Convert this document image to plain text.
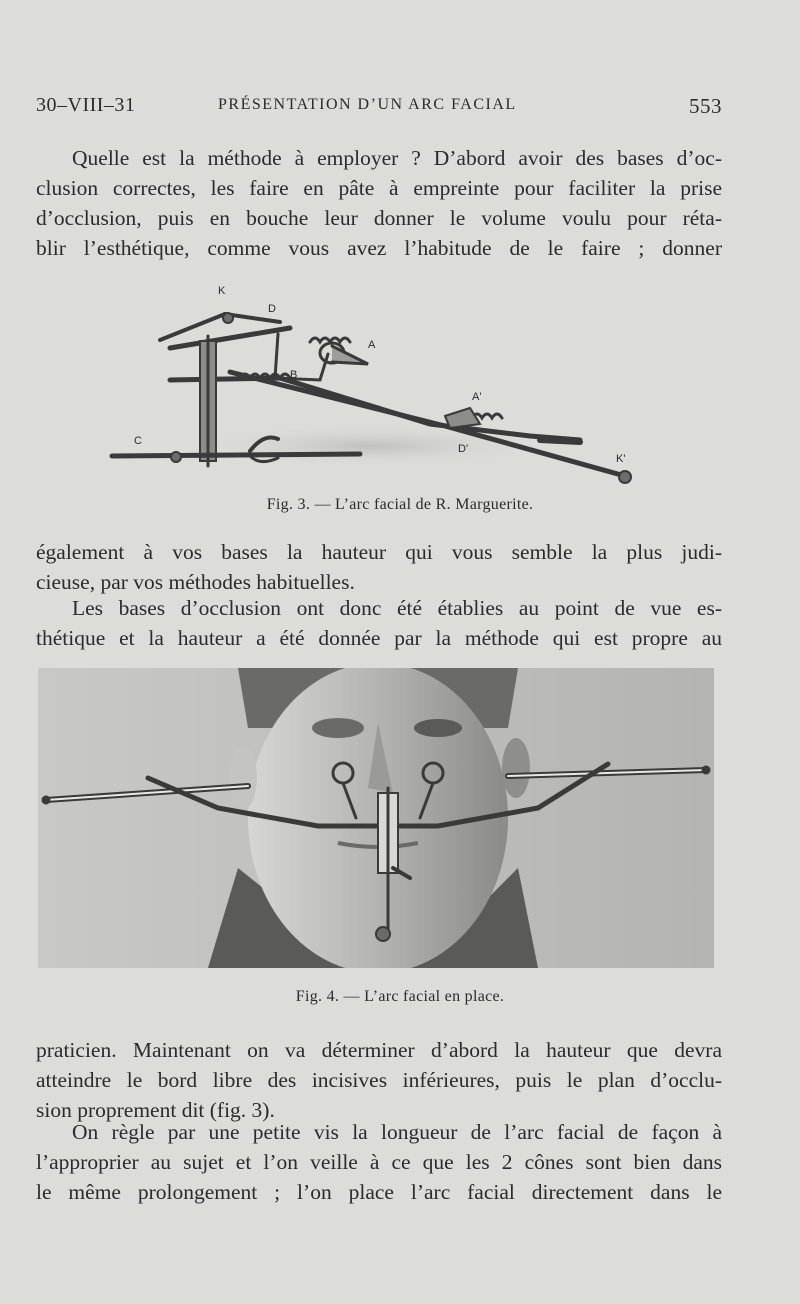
30–VIII–31	PRÉSENTATION D’UN ARC FACIAL	553
Quelle est la méthode à employer ? D’abord avoir des bases d’oc-
clusion correctes, les faire en pâte à empreinte pour faciliter la prise
d’occlusion, puis en bouche leur donner le volume voulu pour réta-
blir l’esthétique, comme vous avez l’habitude de le faire ; donner
K
D
A
B
A'
C
D'
K'
Fig. 3. — L’arc facial de R. Marguerite.
également à vos bases la hauteur qui vous semble la plus judi-
cieuse, par vos méthodes habituelles.
Les bases d’occlusion ont donc été établies au point de vue es-
thétique et la hauteur a été donnée par la méthode qui est propre au
Fig. 4. — L’arc facial en place.
praticien. Maintenant on va déterminer d’abord la hauteur que devra
atteindre le bord libre des incisives inférieures, puis le plan d’occlu-
sion proprement dit (fig. 3).
On règle par une petite vis la longueur de l’arc facial de façon à
l’approprier au sujet et l’on veille à ce que les 2 cônes sont bien dans
le même prolongement ; l’on place l’arc facial directement dans le
